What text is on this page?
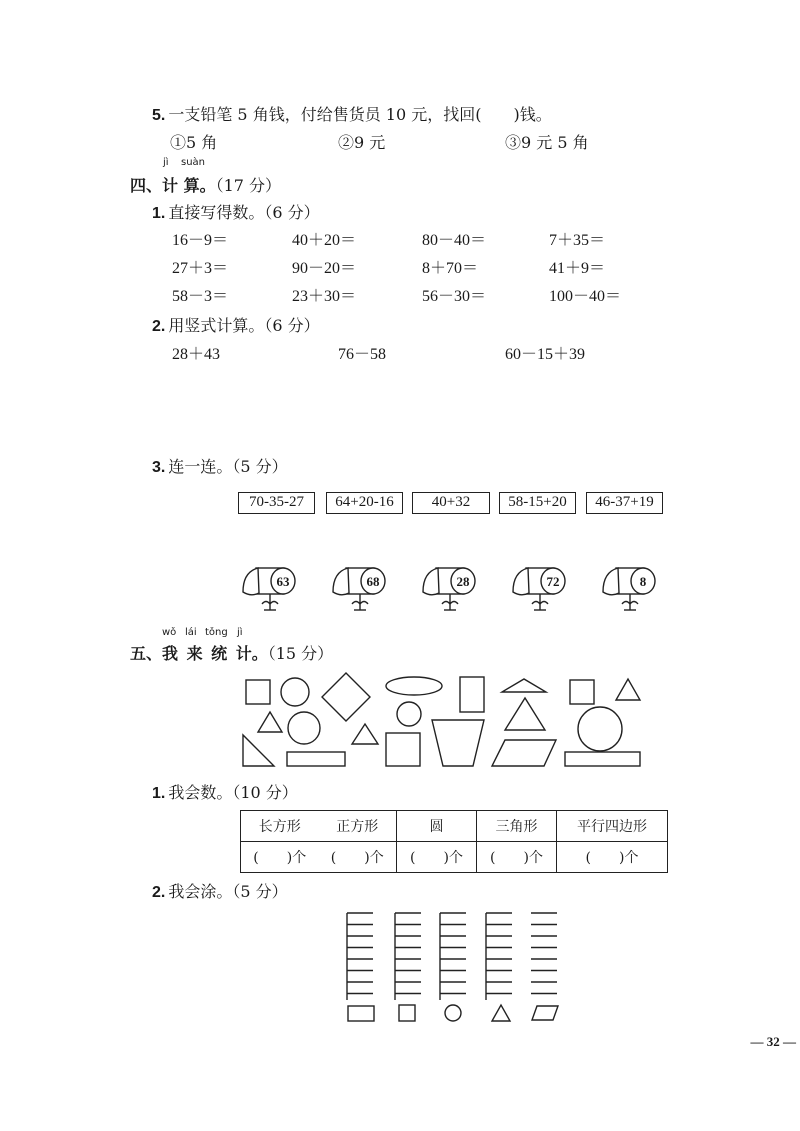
5. 一支铅笔 5 角钱，付给售货员 10 元，找回(　　)钱。
①5 角	②9 元	③9 元 5 角
jì suàn
四、计 算。（17 分）
1. 直接写得数。（6 分）
16－9＝	40＋20＝	80－40＝	7＋35＝
27＋3＝	90－20＝	8＋70＝	41＋9＝
58－3＝	23＋30＝	56－30＝	100－40＝
2. 用竖式计算。（6 分）
28＋43	76－58	60－15＋39
3. 连一连。（5 分）
70-35-27	64+20-16	40+32	58-15+20	46-37+19
63	68	28	72	8
wǒ lái tǒng jì
五、我 来 统 计。（15 分）
1. 我会数。（10 分）
长方形 正方形	圆	三角形	平行四边形

(　　)个 (　　)个	(　　)个	(　　)个	(　　)个
2. 我会涂。（5 分）
— 32 —
